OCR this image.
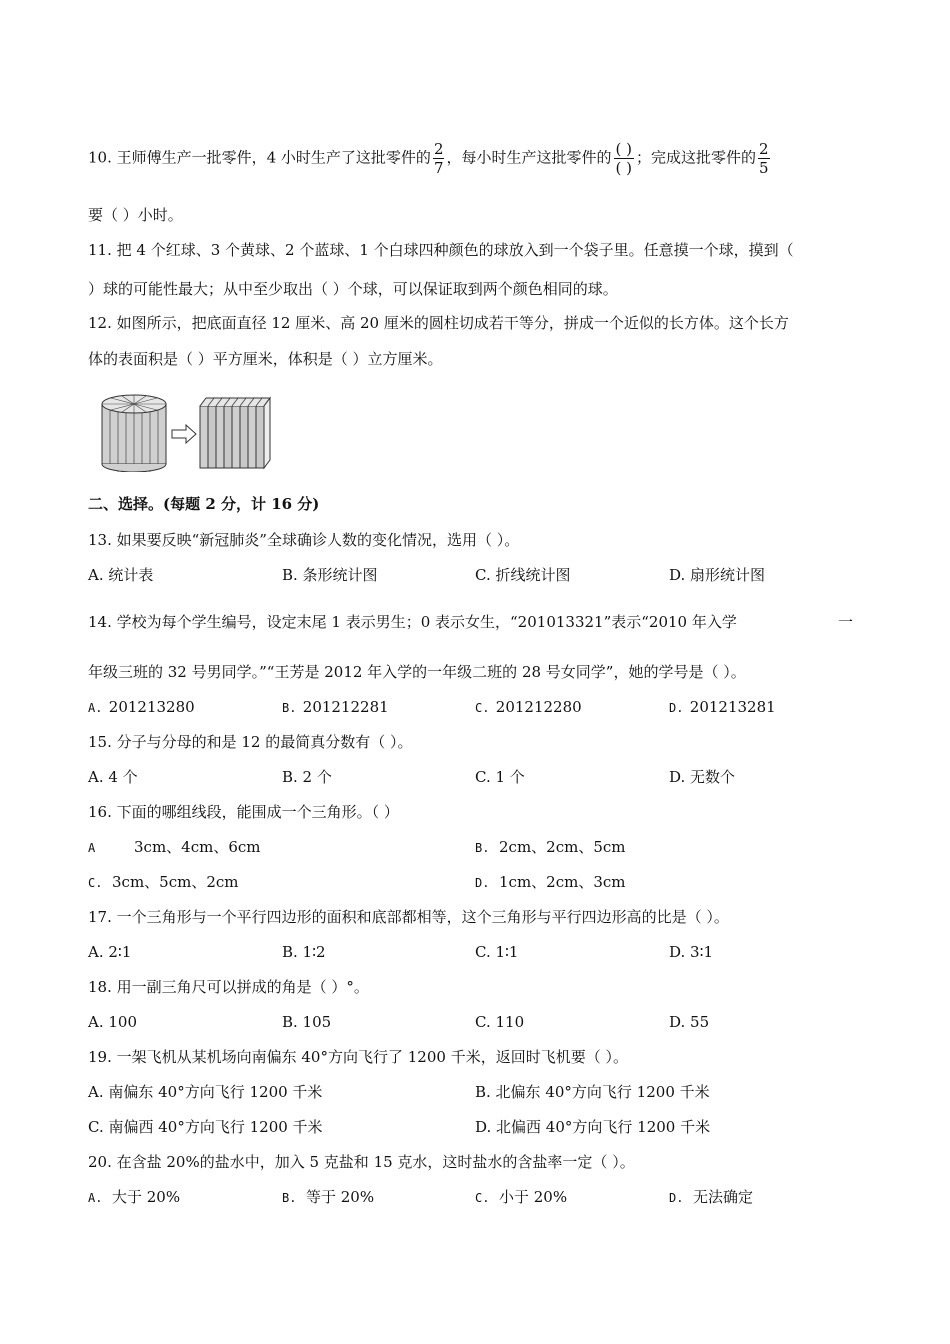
10. 王师傅生产一批零件，4 小时生产了这批零件的 $\frac{2}{7}$ ，每小时生产这批零件的 $\frac{( )}{( )}$ ；完成这批零件的 $\frac{2}{5}$
要（ ）小时。
11. 把 4 个红球、3 个黄球、2 个蓝球、1 个白球四种颜色的球放入到一个袋子里。任意摸一个球，摸到（
）球的可能性最大；从中至少取出（ ）个球，可以保证取到两个颜色相同的球。
12. 如图所示，把底面直径 12 厘米、高 20 厘米的圆柱切成若干等分，拼成一个近似的长方体。这个长方
体的表面积是（ ）平方厘米，体积是（ ）立方厘米。
二、选择。(每题 2 分，计 16 分)
13. 如果要反映“新冠肺炎”全球确诊人数的变化情况，选用（ ）。
A. 统计表	B. 条形统计图	C. 折线统计图	D. 扇形统计图
14. 学校为每个学生编号，设定末尾 1 表示男生；0 表示女生，“201013321”表示“2010 年入学	一
年级三班的 32 号男同学。”“王芳是 2012 年入学的一年级二班的 28 号女同学”，她的学号是（ ）。
A. 201213280	B. 201212281	C. 201212280	D. 201213281
15. 分子与分母的和是 12 的最简真分数有（ ）。
A. 4 个	B. 2 个	C. 1 个	D. 无数个
16. 下面的哪组线段，能围成一个三角形。（ ）
A	3cm、4cm、6cm	B. 2cm、2cm、5cm
C. 3cm、5cm、2cm	D. 1cm、2cm、3cm
17. 一个三角形与一个平行四边形的面积和底部都相等，这个三角形与平行四边形高的比是（ ）。
A. 2∶1	B. 1∶2	C. 1∶1	D. 3∶1
18. 用一副三角尺可以拼成的角是（ ）°。
A. 100	B. 105	C. 110	D. 55
19. 一架飞机从某机场向南偏东 40°方向飞行了 1200 千米，返回时飞机要（ ）。
A. 南偏东 40°方向飞行 1200 千米	B. 北偏东 40°方向飞行 1200 千米
C. 南偏西 40°方向飞行 1200 千米	D. 北偏西 40°方向飞行 1200 千米
20. 在含盐 20%的盐水中，加入 5 克盐和 15 克水，这时盐水的含盐率一定（ ）。
A. 大于 20%	B. 等于 20%	C. 小于 20%	D. 无法确定
